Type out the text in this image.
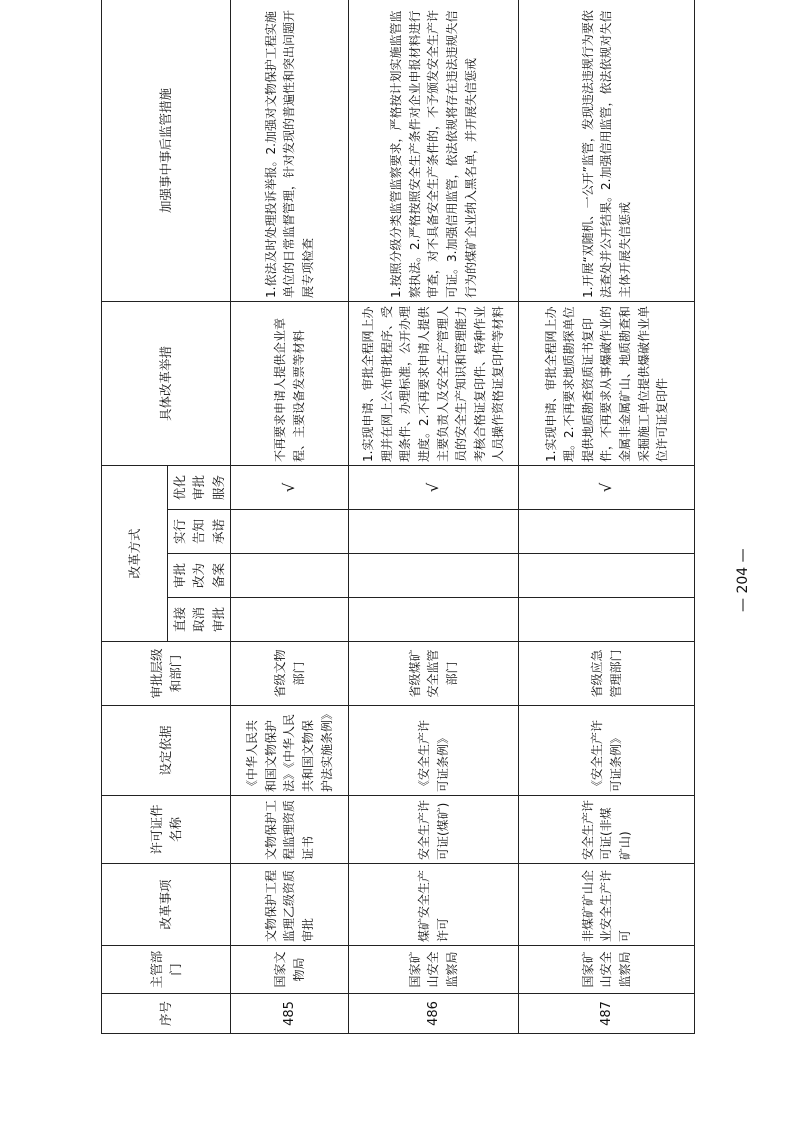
序号	主管部门	改革事项	许可证件名称	设定依据	审批层级和部门	改革方式				具体改革举措	加强事中事后监管措施
						直接取消审批	审批改为备案	实行告知承诺	优化审批服务		
485	国家文物局	文物保护工程监理乙级资质审批	文物保护工程监理资质证书	《中华人民共和国文物保护法》《中华人民共和国文物保护法实施条例》	省级文物部门				√	不再要求申请人提供企业章程、主要设备发票等材料	1.依法及时处理投诉举报。2.加强对文物保护工程实施单位的日常监督管理，针对发现的普遍性和突出问题开展专项检查
486	国家矿山安全监察局	煤矿安全生产许可	安全生产许可证(煤矿)	《安全生产许可证条例》	省级煤矿安全监管部门				√	1.实现申请、审批全程网上办理并在网上公布审批程序、受理条件、办理标准，公开办理进度。2.不再要求申请人提供主要负责人及安全生产管理人员的安全生产知识和管理能力考核合格证复印件、特种作业人员操作资格证复印件等材料	1.按照分级分类监管监察要求，严格按计划实施监管监察执法。2.严格按照安全生产条件对企业申报材料进行审查，对不具备安全生产条件的，不予颁发安全生产许可证。3.加强信用监管，依法依规将存在违法违规失信行为的煤矿企业纳入黑名单，并开展失信惩戒
487	国家矿山安全监察局	非煤矿矿山企业安全生产许可	安全生产许可证(非煤矿山)	《安全生产许可证条例》	省级应急管理部门				√	1.实现申请、审批全程网上办理。2.不再要求地质勘探单位提供地质勘查资质证书复印件，不再要求从事爆破作业的金属非金属矿山、地质勘查和采掘施工单位提供爆破作业单位许可证复印件	1.开展“双随机、一公开”监管，发现违法违规行为要依法查处并公开结果。2.加强信用监管，依法依规对失信主体开展失信惩戒
— 204 —
